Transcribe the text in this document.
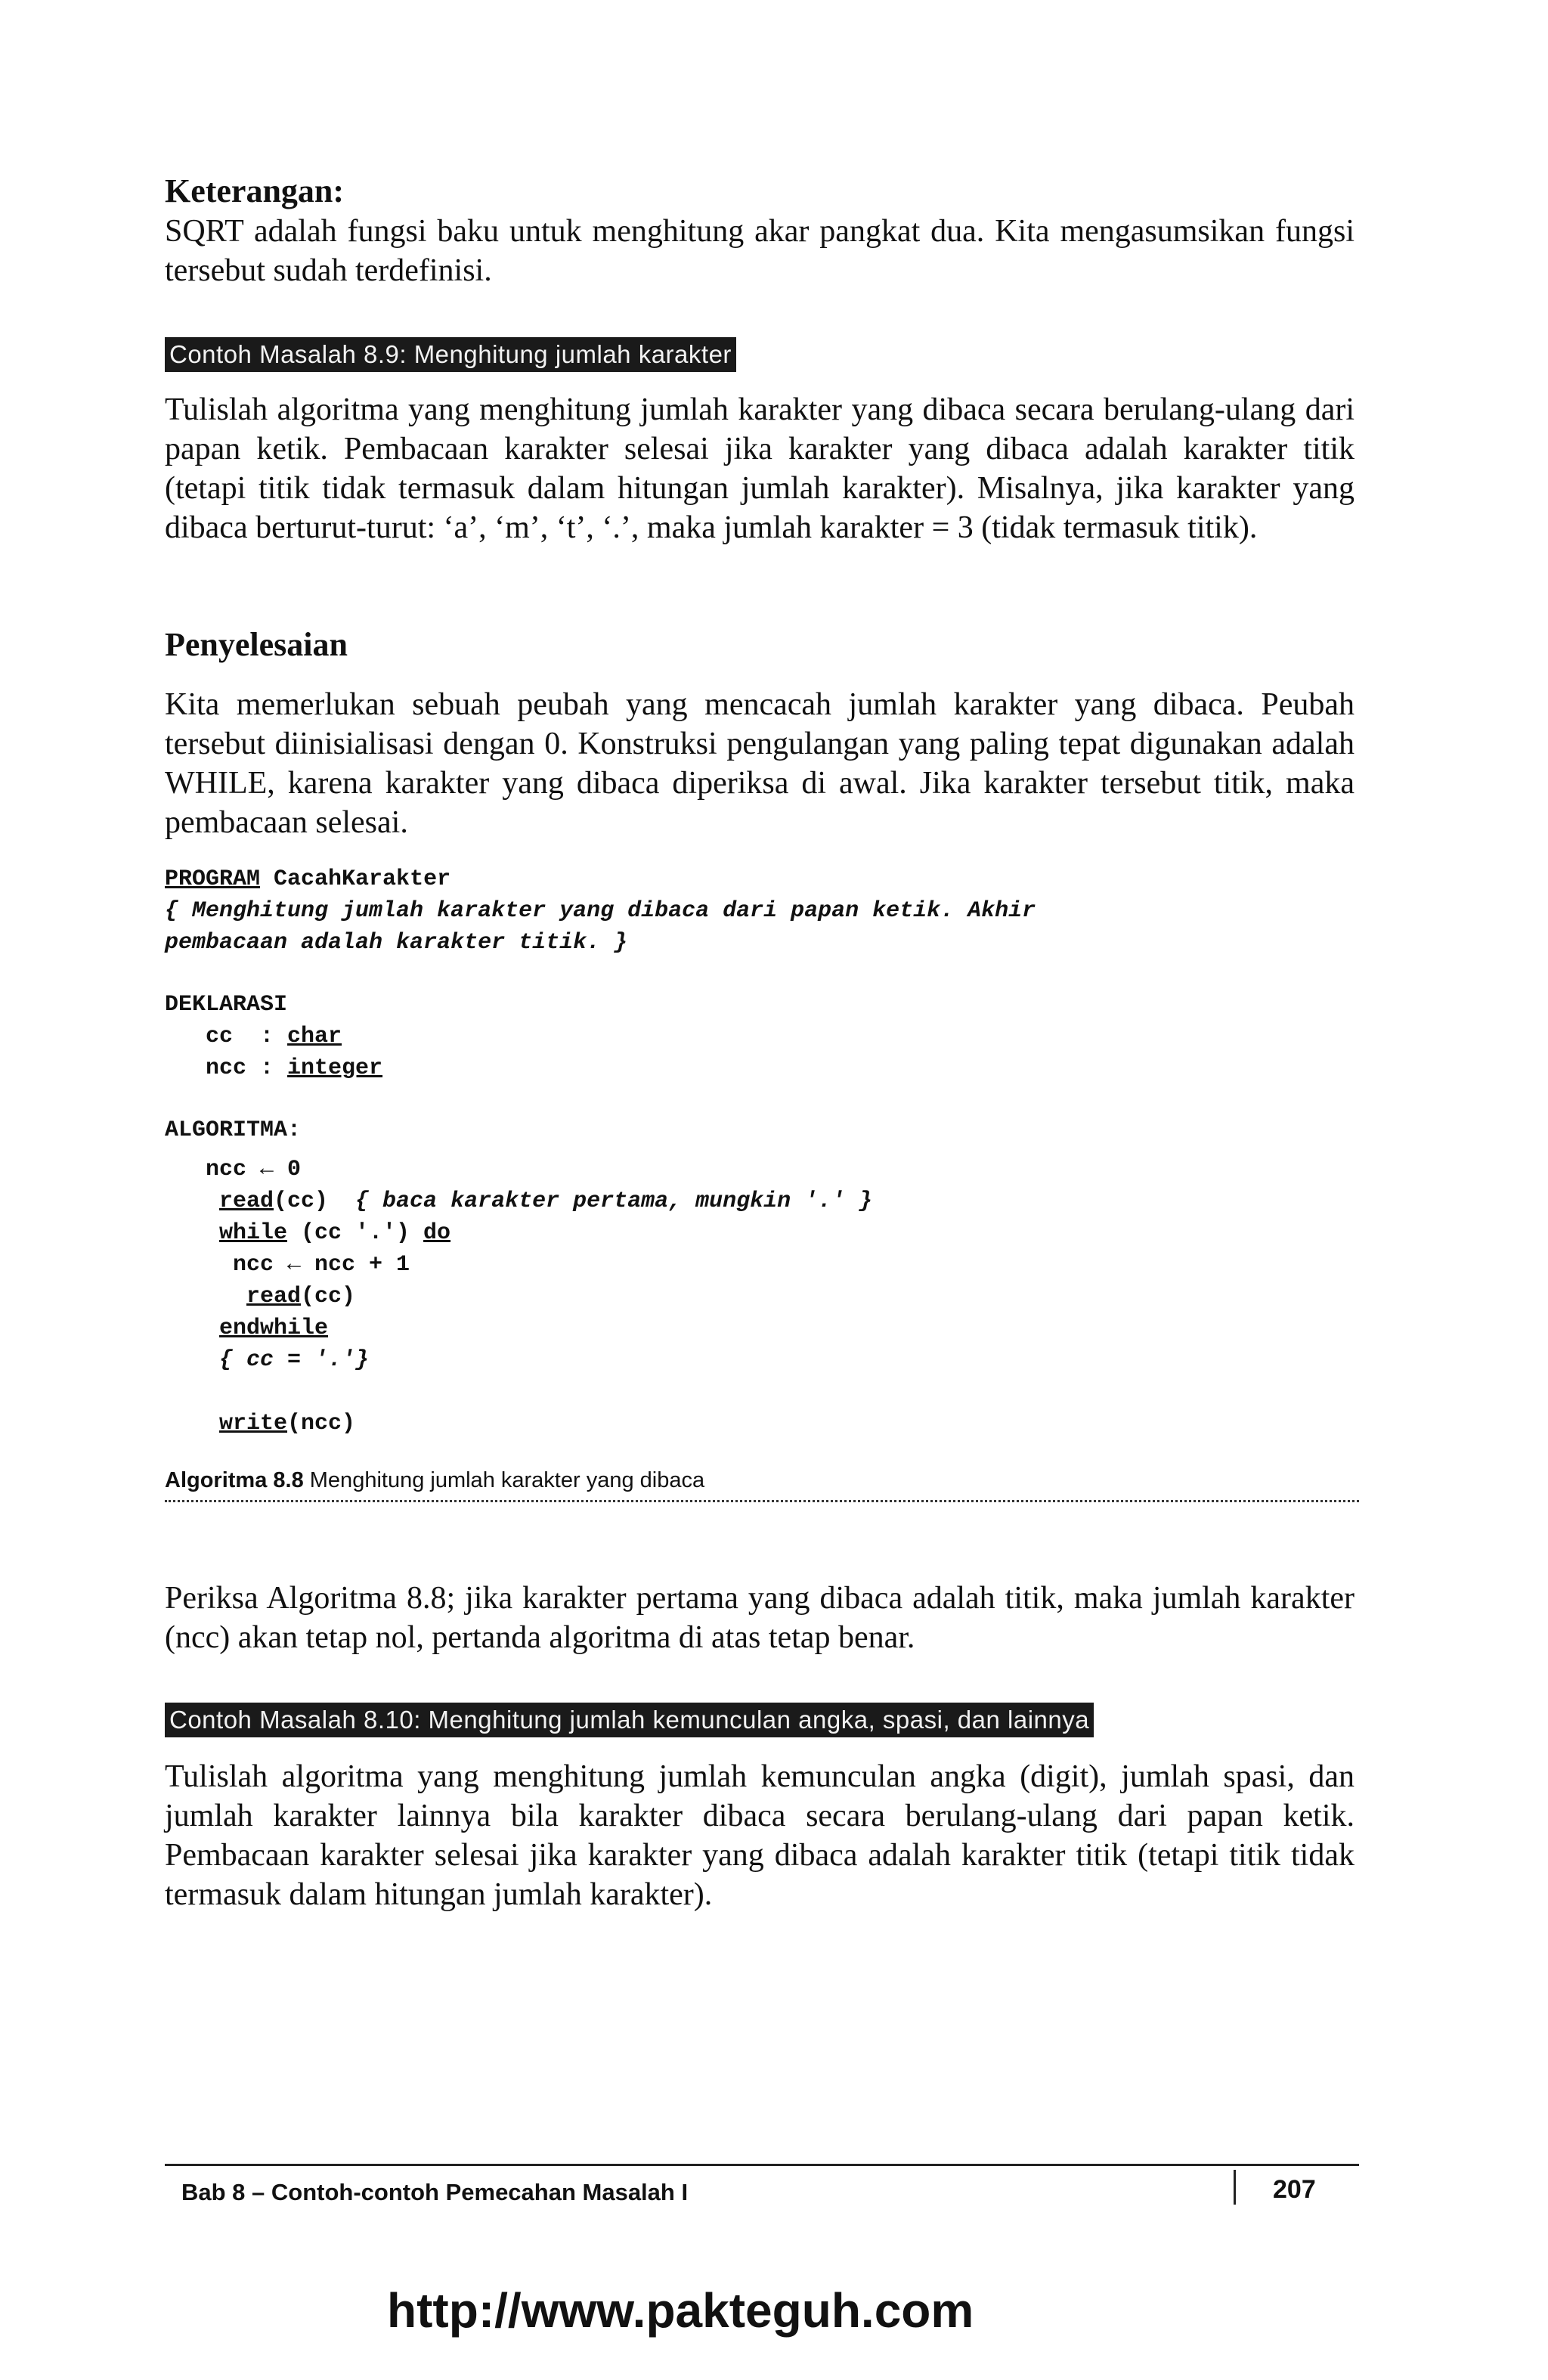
Keterangan:
SQRT adalah fungsi baku untuk menghitung akar pangkat dua. Kita mengasumsikan fungsi tersebut sudah terdefinisi.
Contoh Masalah 8.9: Menghitung jumlah karakter
Tulislah algoritma yang menghitung jumlah karakter yang dibaca secara berulang-ulang dari papan ketik. Pembacaan karakter selesai jika karakter yang dibaca adalah karakter titik (tetapi titik tidak termasuk dalam hitungan jumlah karakter). Misalnya, jika karakter yang dibaca berturut-turut: ‘a’, ‘m’, ‘t’, ‘.’, maka jumlah karakter = 3 (tidak termasuk titik).
Penyelesaian
Kita memerlukan sebuah peubah yang mencacah jumlah karakter yang dibaca. Peubah tersebut diinisialisasi dengan 0. Konstruksi pengulangan yang paling tepat digunakan adalah WHILE, karena karakter yang dibaca diperiksa di awal. Jika karakter tersebut titik, maka pembacaan selesai.
PROGRAM CacahKarakter
{ Menghitung jumlah karakter yang dibaca dari papan ketik. Akhir
pembacaan adalah karakter titik. }
DEKLARASI
cc  : char
ncc : integer
ALGORITMA:
ncc ← 0
read(cc)  { baca karakter pertama, mungkin '.' }
while (cc '.') do
ncc ← ncc + 1
read(cc)
endwhile
{ cc = '.'}
write(ncc)
Algoritma 8.8 Menghitung jumlah karakter yang dibaca
Periksa Algoritma 8.8; jika karakter pertama yang dibaca adalah titik, maka jumlah karakter (ncc) akan tetap nol, pertanda algoritma di atas tetap benar.
Contoh Masalah 8.10: Menghitung jumlah kemunculan angka, spasi, dan lainnya
Tulislah algoritma yang menghitung jumlah kemunculan angka (digit), jumlah spasi, dan jumlah karakter lainnya bila karakter dibaca secara berulang-ulang dari papan ketik. Pembacaan karakter selesai jika karakter yang dibaca adalah karakter titik (tetapi titik tidak termasuk dalam hitungan jumlah karakter).
Bab 8 – Contoh-contoh Pemecahan Masalah I	207
http://www.pakteguh.com
